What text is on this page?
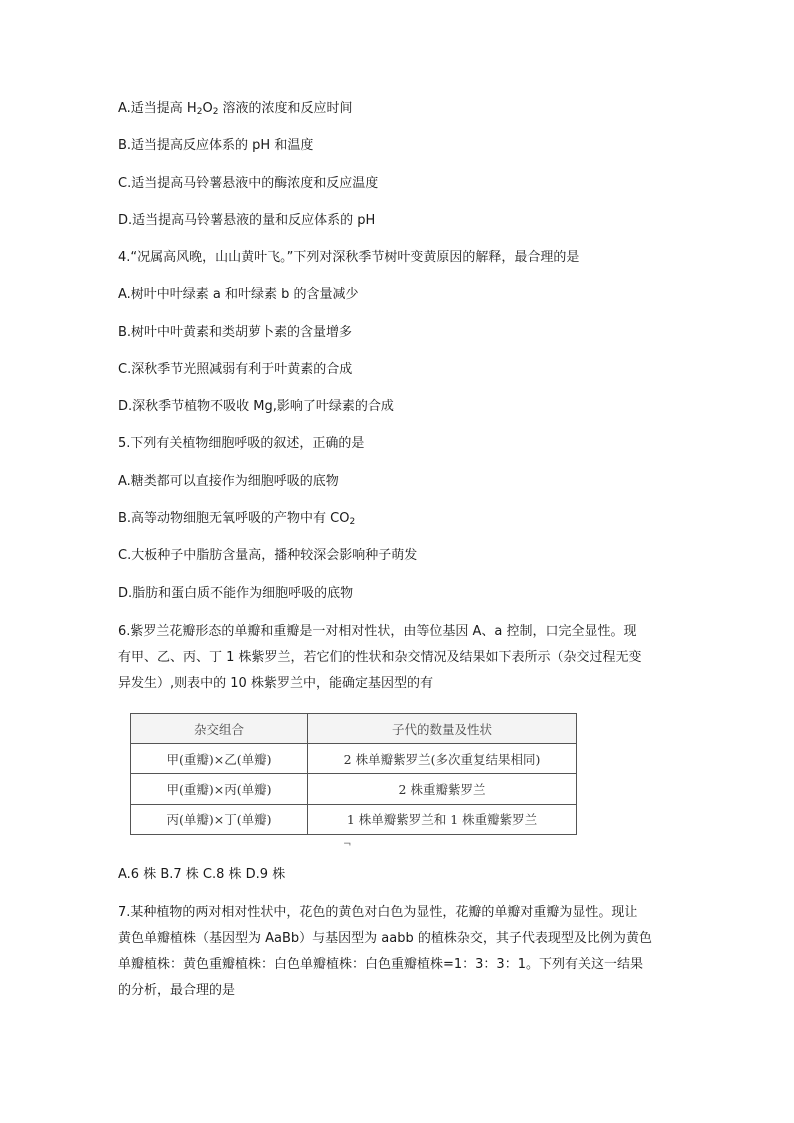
A.适当提高 $H_2O_2$ 溶液的浓度和反应时间
B.适当提高反应体系的 pH 和温度
C.适当提高马铃薯悬液中的酶浓度和反应温度
D.适当提高马铃薯悬液的量和反应体系的 pH
4.“况属高风晚，山山黄叶飞。”下列对深秋季节树叶变黄原因的解释，最合理的是
A.树叶中叶绿素 a 和叶绿素 b 的含量减少
B.树叶中叶黄素和类胡萝卜素的含量增多
C.深秋季节光照减弱有利于叶黄素的合成
D.深秋季节植物不吸收 Mg,影响了叶绿素的合成
5.下列有关植物细胞呼吸的叙述，正确的是
A.糖类都可以直接作为细胞呼吸的底物
B.高等动物细胞无氧呼吸的产物中有 $CO_2$
C.大板种子中脂肪含量高，播种较深会影响种子萌发
D.脂肪和蛋白质不能作为细胞呼吸的底物
6.紫罗兰花瓣形态的单瓣和重瓣是一对相对性状，由等位基因 A、a 控制，口完全显性。现
有甲、乙、丙、丁 1 株紫罗兰，若它们的性状和杂交情况及结果如下表所示（杂交过程无变
异发生）,则表中的 10 株紫罗兰中，能确定基因型的有
杂交组合	子代的数量及性状
甲(重瓣)×乙(单瓣)	2 株单瓣紫罗兰(多次重复结果相同)
甲(重瓣)×丙(单瓣)	2 株重瓣紫罗兰
丙(单瓣)×丁(单瓣)	1 株单瓣紫罗兰和 1 株重瓣紫罗兰
¬
A.6 株 B.7 株 C.8 株 D.9 株
7.某种植物的两对相对性状中，花色的黄色对白色为显性，花瓣的单瓣对重瓣为显性。现让
黄色单瓣植株（基因型为 AaBb）与基因型为 aabb 的植株杂交，其子代表现型及比例为黄色
单瓣植株：黄色重瓣植株：白色单瓣植株：白色重瓣植株=1：3：3：1。下列有关这一结果
的分析，最合理的是
